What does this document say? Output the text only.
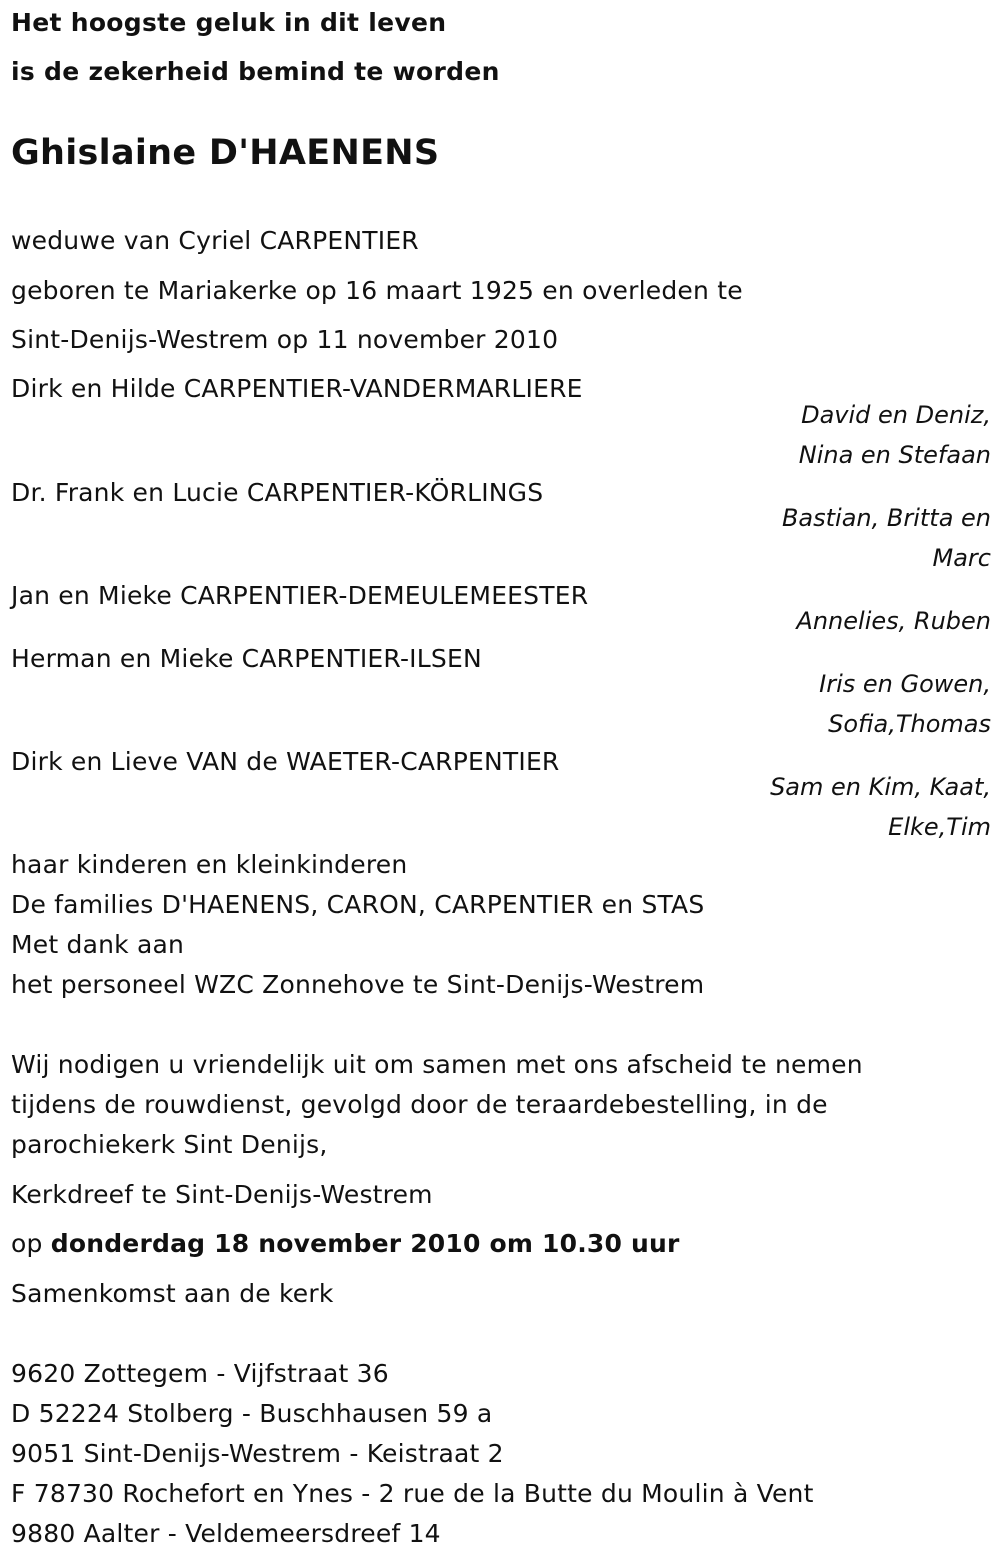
Het hoogste geluk in dit leven
is de zekerheid bemind te worden
Ghislaine D'HAENENS
weduwe van Cyriel CARPENTIER
geboren te Mariakerke op 16 maart 1925 en overleden te
Sint-Denijs-Westrem op 11 november 2010
Dirk en Hilde CARPENTIER-VANDERMARLIERE
David en Deniz,
Nina en Stefaan
Dr. Frank en Lucie CARPENTIER-KÖRLINGS
Bastian, Britta en
Marc
Jan en Mieke CARPENTIER-DEMEULEMEESTER
Annelies, Ruben
Herman en Mieke CARPENTIER-ILSEN
Iris en Gowen,
Sofia,Thomas
Dirk en Lieve VAN de WAETER-CARPENTIER
Sam en Kim, Kaat,
Elke,Tim
haar kinderen en kleinkinderen
De families D'HAENENS, CARON, CARPENTIER en STAS
Met dank aan
het personeel WZC Zonnehove te Sint-Denijs-Westrem
Wij nodigen u vriendelijk uit om samen met ons afscheid te nemen
tijdens de rouwdienst, gevolgd door de teraardebestelling, in de
parochiekerk Sint Denijs,
Kerkdreef te Sint-Denijs-Westrem
op donderdag 18 november 2010 om 10.30 uur
Samenkomst aan de kerk
9620 Zottegem - Vijfstraat 36
D 52224 Stolberg - Buschhausen 59 a
9051 Sint-Denijs-Westrem - Keistraat 2
F 78730 Rochefort en Ynes - 2 rue de la Butte du Moulin à Vent
9880 Aalter - Veldemeersdreef 14
